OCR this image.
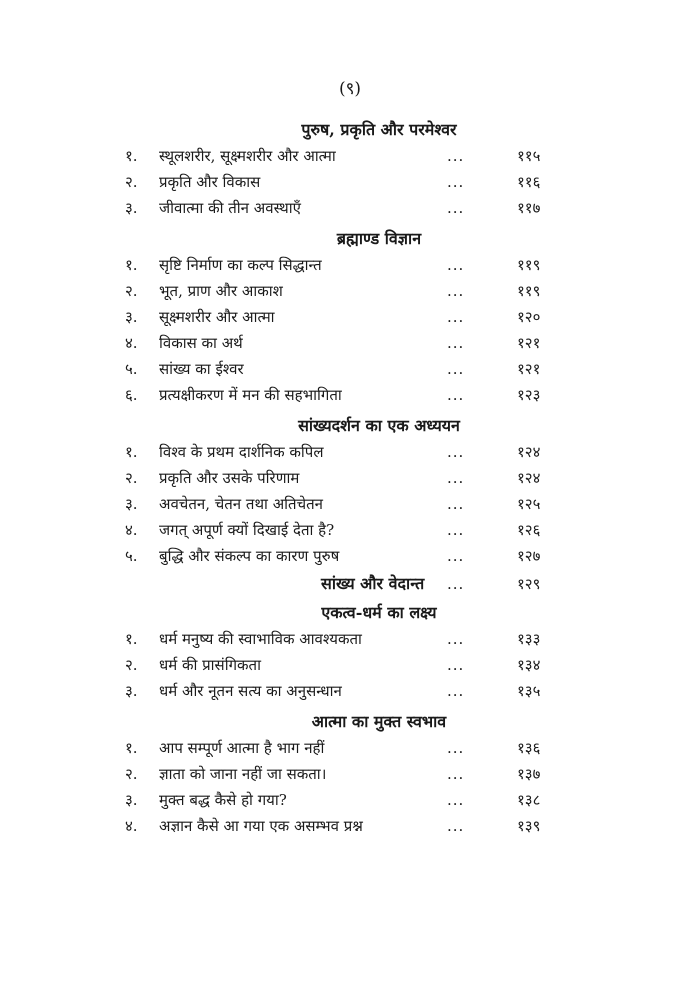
(९)
पुरुष, प्रकृति और परमेश्वर
१. स्थूलशरीर, सूक्ष्मशरीर और आत्मा	...	११५
२. प्रकृति और विकास	...	११६
३. जीवात्मा की तीन अवस्थाएँ	...	११७
ब्रह्माण्ड विज्ञान
१. सृष्टि निर्माण का कल्प सिद्धान्त	...	११९
२. भूत, प्राण और आकाश	...	११९
३. सूक्ष्मशरीर और आत्मा	...	१२०
४. विकास का अर्थ	...	१२१
५. सांख्य का ईश्वर	...	१२१
६. प्रत्यक्षीकरण में मन की सहभागिता	...	१२३
सांख्यदर्शन का एक अध्ययन
१. विश्व के प्रथम दार्शनिक कपिल	...	१२४
२. प्रकृति और उसके परिणाम	...	१२४
३. अवचेतन, चेतन तथा अतिचेतन	...	१२५
४. जगत् अपूर्ण क्यों दिखाई देता है?	...	१२६
५. बुद्धि और संकल्प का कारण पुरुष	...	१२७
सांख्य और वेदान्त ...	१२९
एकत्व-धर्म का लक्ष्य
१. धर्म मनुष्य की स्वाभाविक आवश्यकता	...	१३३
२. धर्म की प्रासंगिकता	...	१३४
३. धर्म और नूतन सत्य का अनुसन्धान	...	१३५
आत्मा का मुक्त स्वभाव
१. आप सम्पूर्ण आत्मा है भाग नहीं	...	१३६
२. ज्ञाता को जाना नहीं जा सकता।	...	१३७
३. मुक्त बद्ध कैसे हो गया?	...	१३८
४. अज्ञान कैसे आ गया एक असम्भव प्रश्न	...	१३९
